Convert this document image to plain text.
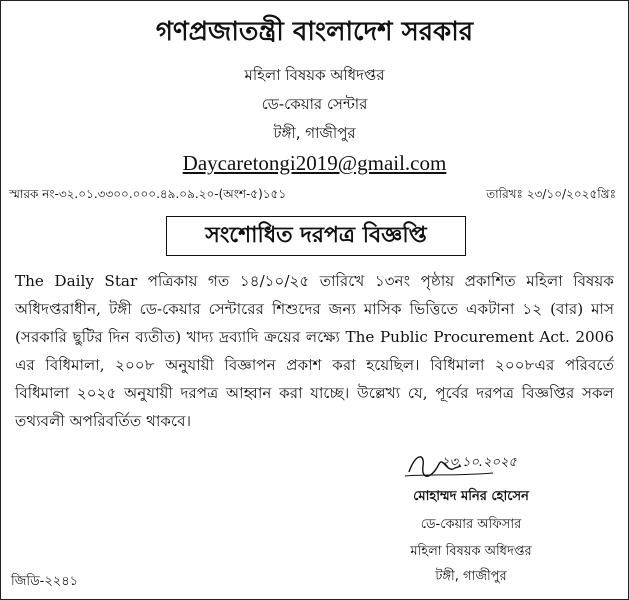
গণপ্রজাতন্ত্রী বাংলাদেশ সরকার
মহিলা বিষয়ক অধিদপ্তর
ডে-কেয়ার সেন্টার
টঙ্গী, গাজীপুর
Daycaretongi2019@gmail.com
স্মারক নং-৩২.০১.৩৩০০.০০০.৪৯.০৯.২০-(অংশ-৫)১৫১	তারিখঃ ২৩/১০/২০২৫খ্রিঃ
সংশোধিত দরপত্র বিজ্ঞপ্তি
The Daily Star পত্রিকায় গত ১৪/১০/২৫ তারিখে ১৩নং পৃষ্ঠায় প্রকাশিত মহিলা বিষয়ক অধিদপ্তরাধীন, টঙ্গী ডে-কেয়ার সেন্টারের শিশুদের জন্য মাসিক ভিত্তিতে একটানা ১২ (বার) মাস (সরকারি ছুটির দিন ব্যতীত) খাদ্য দ্রব্যাদি ক্রয়ের লক্ষ্যে The Public Procurement Act. 2006 এর বিধিমালা, ২০০৮ অনুযায়ী বিজ্ঞাপন প্রকাশ করা হয়েছিল। বিধিমালা ২০০৮এর পরিবর্তে বিধিমালা ২০২৫ অনুযায়ী দরপত্র আহ্বান করা যাচ্ছে। উল্লেখ্য যে, পূর্বের দরপত্র বিজ্ঞপ্তির সকল তথ্যবলী অপরিবর্তিত থাকবে।
২৩.১০.২০২৫
মোহাম্মদ মনির হোসেন
ডে-কেয়ার অফিসার
মহিলা বিষয়ক অধিদপ্তর
টঙ্গী, গাজীপুর
জিডি-২২৪১
